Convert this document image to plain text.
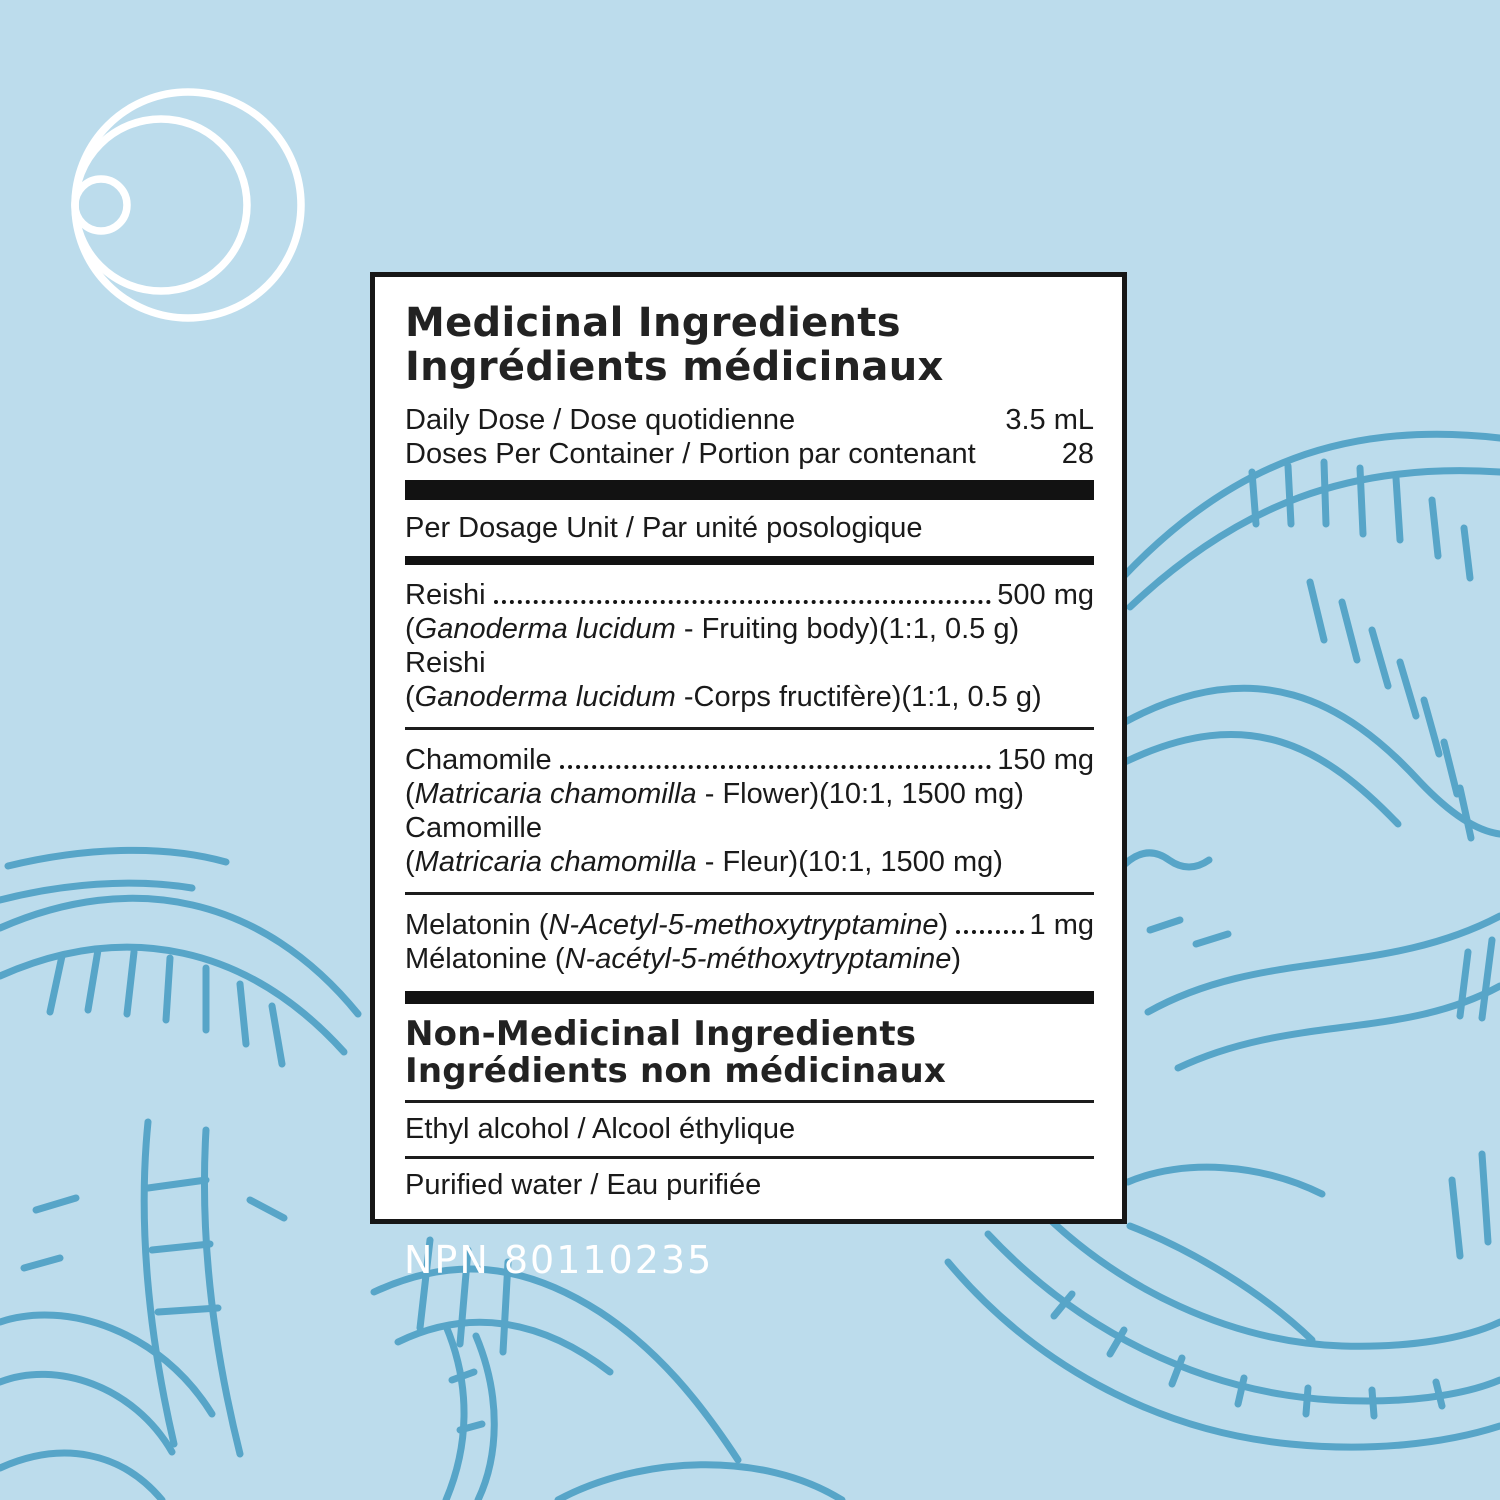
Medicinal Ingredients
Ingrédients médicinaux
Daily Dose / Dose quotidienne	3.5 mL
Doses Per Container / Portion par contenant	28
Per Dosage Unit / Par unité posologique
Reishi	500 mg
(Ganoderma lucidum - Fruiting body)(1:1, 0.5 g)
Reishi
(Ganoderma lucidum -Corps fructifère)(1:1, 0.5 g)
Chamomile	150 mg
(Matricaria chamomilla - Flower)(10:1, 1500 mg)
Camomille
(Matricaria chamomilla - Fleur)(10:1, 1500 mg)
Melatonin (N-Acetyl-5-methoxytryptamine)	1 mg
Mélatonine (N-acétyl-5-méthoxytryptamine)
Non-Medicinal Ingredients
Ingrédients non médicinaux
Ethyl alcohol / Alcool éthylique
Purified water / Eau purifiée
NPN 80110235
